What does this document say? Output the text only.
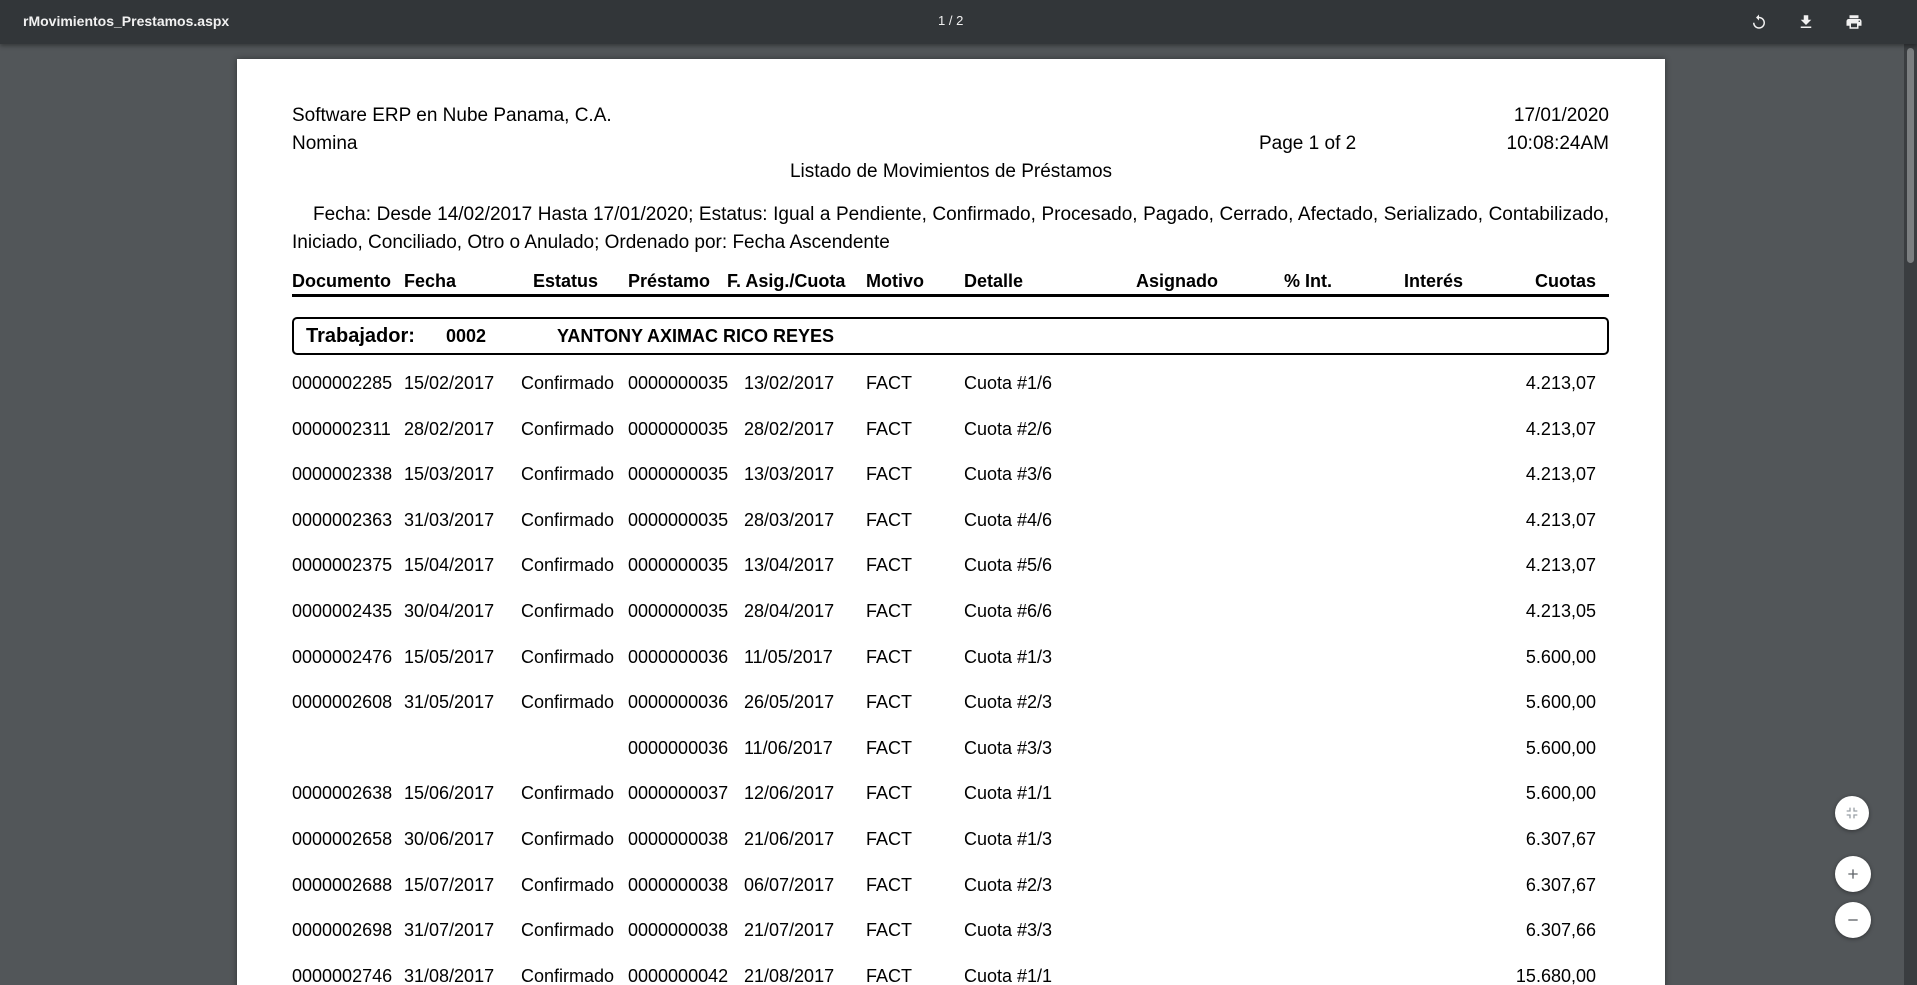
rMovimientos_Prestamos.aspx	1 / 2
Software ERP en Nube Panama, C.A.
Nomina
17/01/2020
10:08:24AM
Page 1 of 2
Listado de Movimientos de Préstamos
Fecha: Desde 14/02/2017 Hasta 17/01/2020; Estatus: Igual a Pendiente, Confirmado, Procesado, Pagado, Cerrado, Afectado, Serializado, Contabilizado, Iniciado, Conciliado, Otro o Anulado; Ordenado por: Fecha Ascendente
Documento Fecha	Estatus Préstamo F. Asig./Cuota Motivo Detalle	Asignado	% Int.	Interés	Cuotas
Trabajador: 0002	YANTONY AXIMAC RICO REYES
0000002285 15/02/2017 Confirmado 0000000035 13/02/2017 FACT	Cuota #1/6	4.213,07
0000002311 28/02/2017 Confirmado 0000000035 28/02/2017 FACT	Cuota #2/6	4.213,07
0000002338 15/03/2017 Confirmado 0000000035 13/03/2017 FACT	Cuota #3/6	4.213,07
0000002363 31/03/2017 Confirmado 0000000035 28/03/2017 FACT	Cuota #4/6	4.213,07
0000002375 15/04/2017 Confirmado 0000000035 13/04/2017 FACT	Cuota #5/6	4.213,07
0000002435 30/04/2017 Confirmado 0000000035 28/04/2017 FACT	Cuota #6/6	4.213,05
0000002476 15/05/2017 Confirmado 0000000036 11/05/2017 FACT	Cuota #1/3	5.600,00
0000002608 31/05/2017 Confirmado 0000000036 26/05/2017 FACT	Cuota #2/3	5.600,00
0000000036 11/06/2017 FACT	Cuota #3/3	5.600,00
0000002638 15/06/2017 Confirmado 0000000037 12/06/2017 FACT	Cuota #1/1	5.600,00
0000002658 30/06/2017 Confirmado 0000000038 21/06/2017 FACT	Cuota #1/3	6.307,67
0000002688 15/07/2017 Confirmado 0000000038 06/07/2017 FACT	Cuota #2/3	6.307,67
0000002698 31/07/2017 Confirmado 0000000038 21/07/2017 FACT	Cuota #3/3	6.307,66
0000002746 31/08/2017 Confirmado 0000000042 21/08/2017 FACT	Cuota #1/1	15.680,00
